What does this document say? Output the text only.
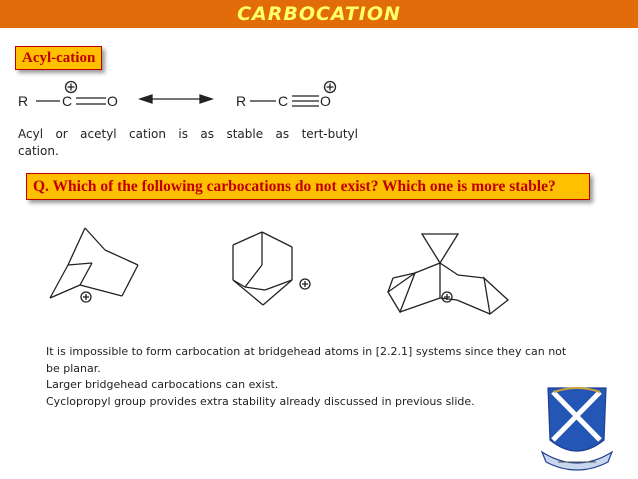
CARBOCATION
Acyl-cation
R C O	R C O
Acyl or acetyl cation is as stable as tert-butyl cation.
Q. Which of the following carbocations do not exist? Which one is more stable?
It is impossible to form carbocation at bridgehead atoms in [2.2.1] systems since they can not be planar.
Larger bridgehead carbocations can exist.
Cyclopropyl group provides extra stability already discussed in previous slide.
